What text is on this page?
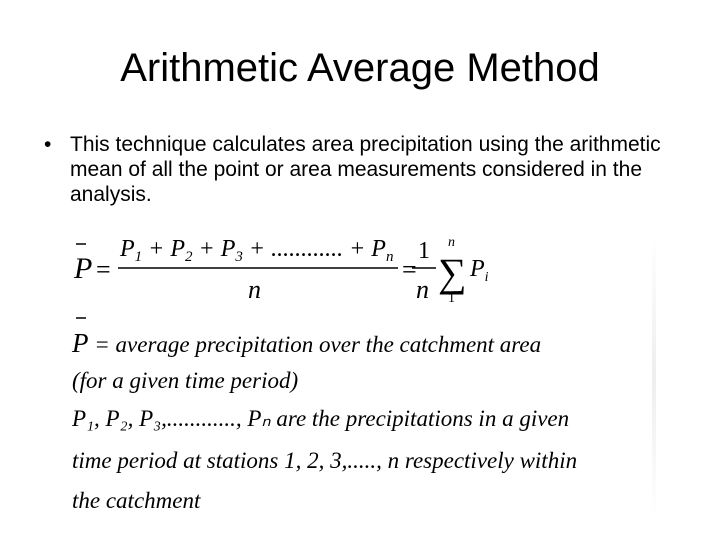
Arithmetic Average Method
• This technique calculates area precipitation using the arithmetic mean of all the point or area measurements considered in the analysis.
P =
$P_1 + P_2 + P_3$ + ............ + $P_n$
n
=
1
n
n
∑
1
$P_i$
P = average precipitation over the catchment area
(for a given time period)
P₁, P₂, P₃,............, Pₙ are the precipitations in a given
time period at stations 1, 2, 3,....., n respectively within
the catchment
